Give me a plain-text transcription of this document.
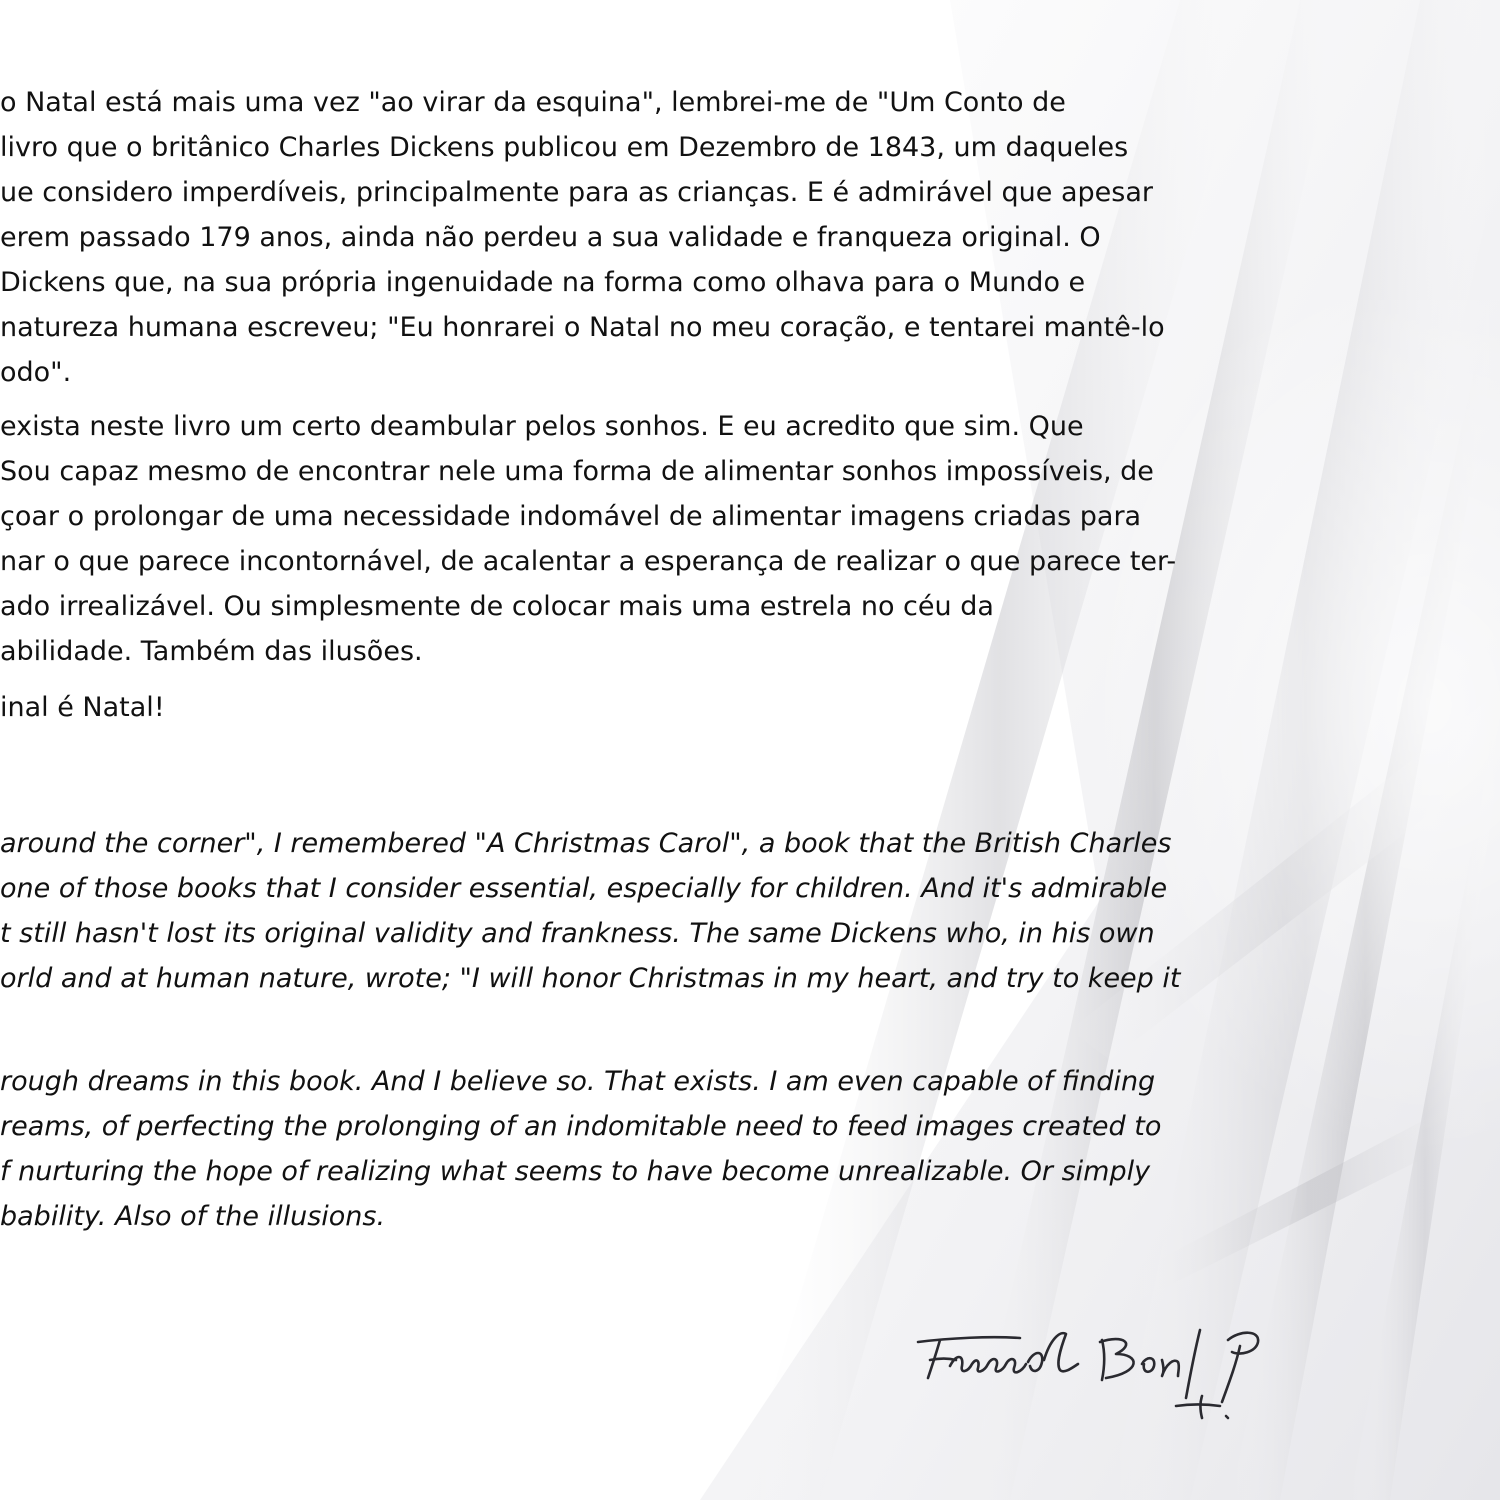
o Natal está mais uma vez "ao virar da esquina", lembrei-me de "Um Conto de
livro que o britânico Charles Dickens publicou em Dezembro de 1843, um daqueles
ue considero imperdíveis, principalmente para as crianças. E é admirável que apesar
erem passado 179 anos, ainda não perdeu a sua validade e franqueza original. O
Dickens que, na sua própria ingenuidade na forma como olhava para o Mundo e
natureza humana escreveu; "Eu honrarei o Natal no meu coração, e tentarei mantê-lo
odo".
exista neste livro um certo deambular pelos sonhos. E eu acredito que sim. Que
Sou capaz mesmo de encontrar nele uma forma de alimentar sonhos impossíveis, de
çoar o prolongar de uma necessidade indomável de alimentar imagens criadas para
nar o que parece incontornável, de acalentar a esperança de realizar o que parece ter-
ado irrealizável. Ou simplesmente de colocar mais uma estrela no céu da
abilidade. Também das ilusões.
inal é Natal!
around the corner", I remembered "A Christmas Carol", a book that the British Charles
one of those books that I consider essential, especially for children. And it's admirable
t still hasn't lost its original validity and frankness. The same Dickens who, in his own
orld and at human nature, wrote; "I will honor Christmas in my heart, and try to keep it
rough dreams in this book. And I believe so. That exists. I am even capable of finding
reams, of perfecting the prolonging of an indomitable need to feed images created to
f nurturing the hope of realizing what seems to have become unrealizable. Or simply
bability. Also of the illusions.
